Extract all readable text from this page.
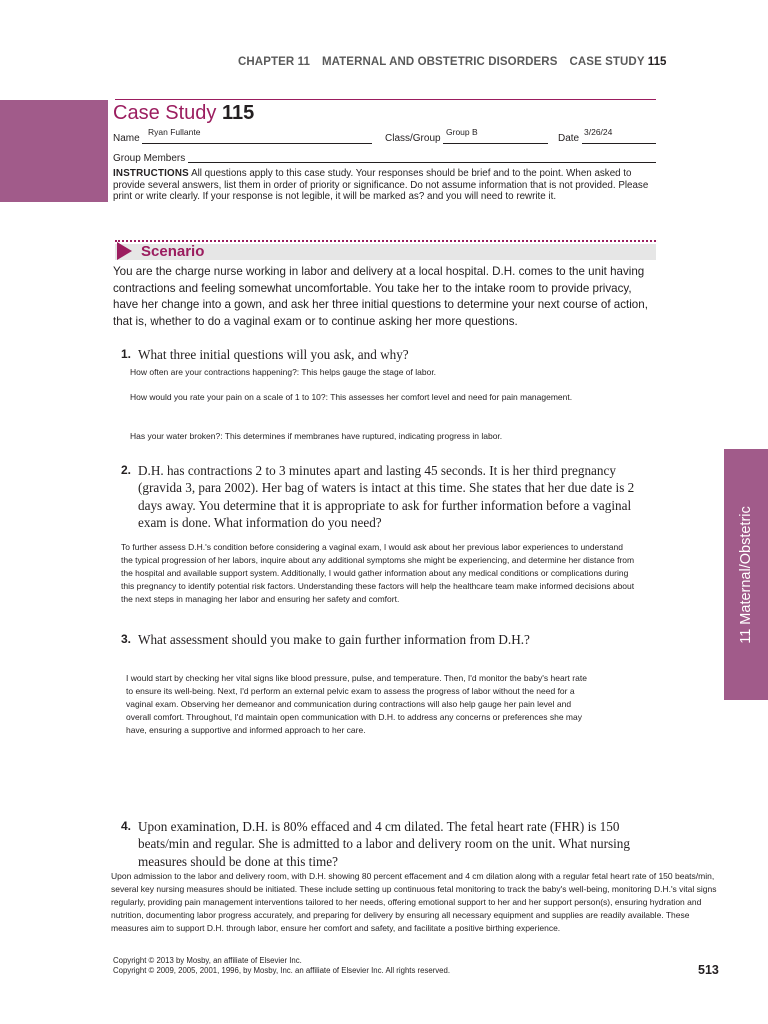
CHAPTER 11 MATERNAL AND OBSTETRIC DISORDERS CASE STUDY 115
Case Study 115
Name
Ryan Fullante
Class/Group
Group B
Date
3/26/24
Group Members
INSTRUCTIONS All questions apply to this case study. Your responses should be brief and to the point. When asked to provide several answers, list them in order of priority or significance. Do not assume information that is not provided. Please print or write clearly. If your response is not legible, it will be marked as? and you will need to rewrite it.
Scenario
You are the charge nurse working in labor and delivery at a local hospital. D.H. comes to the unit having contractions and feeling somewhat uncomfortable. You take her to the intake room to provide privacy, have her change into a gown, and ask her three initial questions to determine your next course of action, that is, whether to do a vaginal exam or to continue asking her more questions.
1. What three initial questions will you ask, and why?
How often are your contractions happening?: This helps gauge the stage of labor.
How would you rate your pain on a scale of 1 to 10?: This assesses her comfort level and need for pain management.
Has your water broken?: This determines if membranes have ruptured, indicating progress in labor.
2. D.H. has contractions 2 to 3 minutes apart and lasting 45 seconds. It is her third pregnancy (gravida 3, para 2002). Her bag of waters is intact at this time. She states that her due date is 2 days away. You determine that it is appropriate to ask for further information before a vaginal exam is done. What information do you need?
To further assess D.H.'s condition before considering a vaginal exam, I would ask about her previous labor experiences to understand the typical progression of her labors, inquire about any additional symptoms she might be experiencing, and determine her distance from the hospital and available support system. Additionally, I would gather information about any medical conditions or complications during this pregnancy to identify potential risk factors. Understanding these factors will help the healthcare team make informed decisions about the next steps in managing her labor and ensuring her safety and comfort.
3. What assessment should you make to gain further information from D.H.?
I would start by checking her vital signs like blood pressure, pulse, and temperature. Then, I'd monitor the baby's heart rate to ensure its well-being. Next, I'd perform an external pelvic exam to assess the progress of labor without the need for a vaginal exam. Observing her demeanor and communication during contractions will also help gauge her pain level and overall comfort. Throughout, I'd maintain open communication with D.H. to address any concerns or preferences she may have, ensuring a supportive and informed approach to her care.
4. Upon examination, D.H. is 80% effaced and 4 cm dilated. The fetal heart rate (FHR) is 150 beats/min and regular. She is admitted to a labor and delivery room on the unit. What nursing measures should be done at this time?
Upon admission to the labor and delivery room, with D.H. showing 80 percent effacement and 4 cm dilation along with a regular fetal heart rate of 150 beats/min, several key nursing measures should be initiated. These include setting up continuous fetal monitoring to track the baby's well-being, monitoring D.H.'s vital signs regularly, providing pain management interventions tailored to her needs, offering emotional support to her and her support person(s), ensuring hydration and nutrition, documenting labor progress accurately, and preparing for delivery by ensuring all necessary equipment and supplies are readily available. These measures aim to support D.H. through labor, ensure her comfort and safety, and facilitate a positive birthing experience.
11 Maternal/Obstetric
Copyright © 2013 by Mosby, an affiliate of Elsevier Inc.
Copyright © 2009, 2005, 2001, 1996, by Mosby, Inc. an affiliate of Elsevier Inc. All rights reserved.	513
